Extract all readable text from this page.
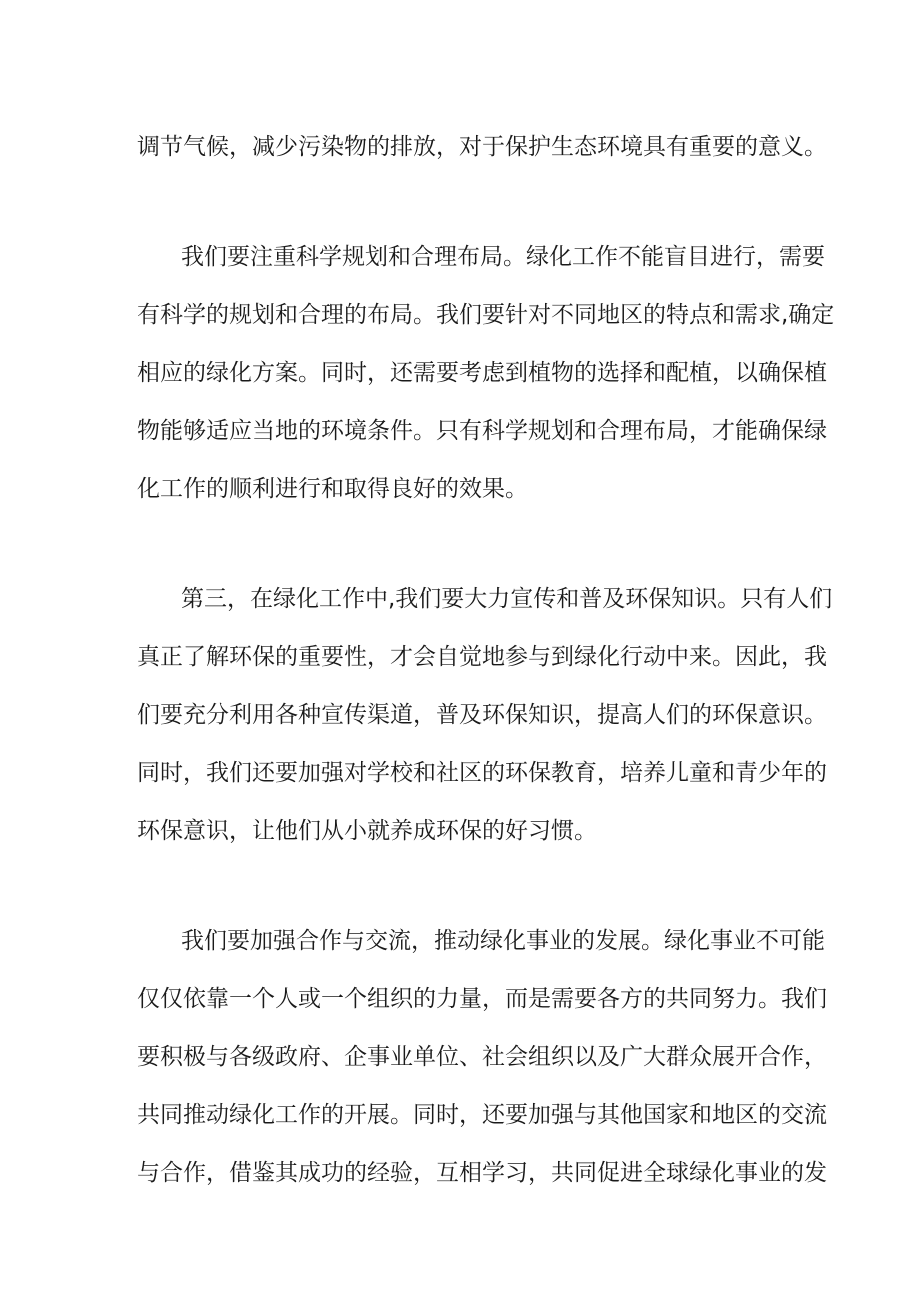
调节气候，减少污染物的排放，对于保护生态环境具有重要的意义。
我们要注重科学规划和合理布局。绿化工作不能盲目进行，需要
有科学的规划和合理的布局。我们要针对不同地区的特点和需求,确定
相应的绿化方案。同时，还需要考虑到植物的选择和配植，以确保植
物能够适应当地的环境条件。只有科学规划和合理布局，才能确保绿
化工作的顺利进行和取得良好的效果。
第三，在绿化工作中,我们要大力宣传和普及环保知识。只有人们
真正了解环保的重要性，才会自觉地参与到绿化行动中来。因此，我
们要充分利用各种宣传渠道，普及环保知识，提高人们的环保意识。
同时，我们还要加强对学校和社区的环保教育，培养儿童和青少年的
环保意识，让他们从小就养成环保的好习惯。
我们要加强合作与交流，推动绿化事业的发展。绿化事业不可能
仅仅依靠一个人或一个组织的力量，而是需要各方的共同努力。我们
要积极与各级政府、企事业单位、社会组织以及广大群众展开合作，
共同推动绿化工作的开展。同时，还要加强与其他国家和地区的交流
与合作，借鉴其成功的经验，互相学习，共同促进全球绿化事业的发
